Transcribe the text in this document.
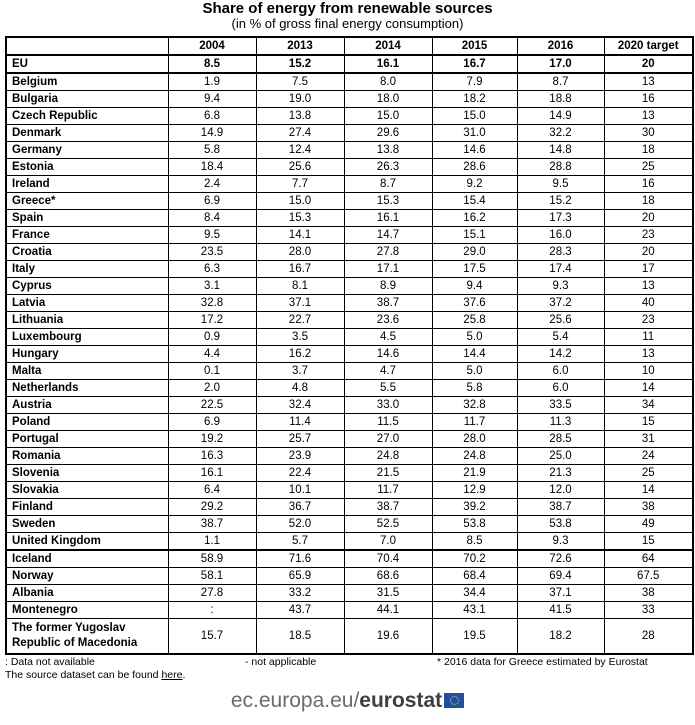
Share of energy from renewable sources
(in % of gross final energy consumption)
	2004	2013	2014	2015	2016	2020 target
EU	8.5	15.2	16.1	16.7	17.0	20
Belgium	1.9	7.5	8.0	7.9	8.7	13
Bulgaria	9.4	19.0	18.0	18.2	18.8	16
Czech Republic	6.8	13.8	15.0	15.0	14.9	13
Denmark	14.9	27.4	29.6	31.0	32.2	30
Germany	5.8	12.4	13.8	14.6	14.8	18
Estonia	18.4	25.6	26.3	28.6	28.8	25
Ireland	2.4	7.7	8.7	9.2	9.5	16
Greece*	6.9	15.0	15.3	15.4	15.2	18
Spain	8.4	15.3	16.1	16.2	17.3	20
France	9.5	14.1	14.7	15.1	16.0	23
Croatia	23.5	28.0	27.8	29.0	28.3	20
Italy	6.3	16.7	17.1	17.5	17.4	17
Cyprus	3.1	8.1	8.9	9.4	9.3	13
Latvia	32.8	37.1	38.7	37.6	37.2	40
Lithuania	17.2	22.7	23.6	25.8	25.6	23
Luxembourg	0.9	3.5	4.5	5.0	5.4	11
Hungary	4.4	16.2	14.6	14.4	14.2	13
Malta	0.1	3.7	4.7	5.0	6.0	10
Netherlands	2.0	4.8	5.5	5.8	6.0	14
Austria	22.5	32.4	33.0	32.8	33.5	34
Poland	6.9	11.4	11.5	11.7	11.3	15
Portugal	19.2	25.7	27.0	28.0	28.5	31
Romania	16.3	23.9	24.8	24.8	25.0	24
Slovenia	16.1	22.4	21.5	21.9	21.3	25
Slovakia	6.4	10.1	11.7	12.9	12.0	14
Finland	29.2	36.7	38.7	39.2	38.7	38
Sweden	38.7	52.0	52.5	53.8	53.8	49
United Kingdom	1.1	5.7	7.0	8.5	9.3	15
Iceland	58.9	71.6	70.4	70.2	72.6	64
Norway	58.1	65.9	68.6	68.4	69.4	67.5
Albania	27.8	33.2	31.5	34.4	37.1	38
Montenegro	:	43.7	44.1	43.1	41.5	33
The former Yugoslav
Republic of Macedonia	15.7	18.5	19.6	19.5	18.2	28
: Data not available	- not applicable	* 2016 data for Greece estimated by Eurostat
The source dataset can be found here.
ec.europa.eu/eurostat
